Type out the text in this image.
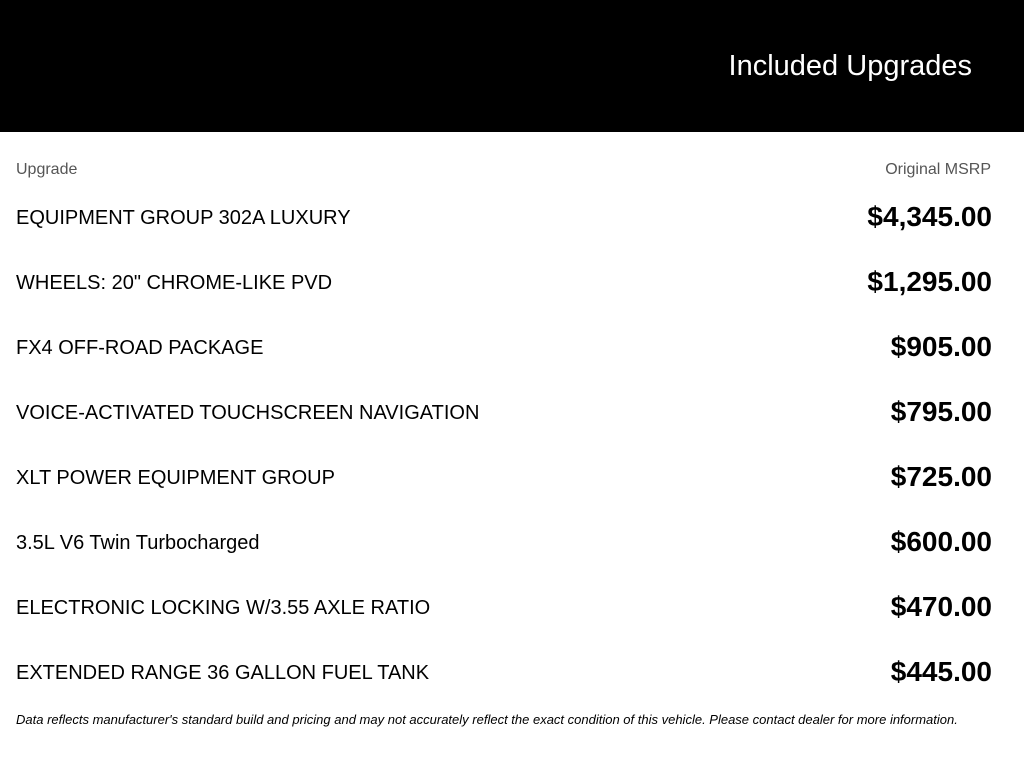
Included Upgrades
Upgrade	Original MSRP
EQUIPMENT GROUP 302A LUXURY	$4,345.00
WHEELS: 20" CHROME-LIKE PVD	$1,295.00
FX4 OFF-ROAD PACKAGE	$905.00
VOICE-ACTIVATED TOUCHSCREEN NAVIGATION	$795.00
XLT POWER EQUIPMENT GROUP	$725.00
3.5L V6 Twin Turbocharged	$600.00
ELECTRONIC LOCKING W/3.55 AXLE RATIO	$470.00
EXTENDED RANGE 36 GALLON FUEL TANK	$445.00
Data reflects manufacturer's standard build and pricing and may not accurately reflect the exact condition of this vehicle. Please contact dealer for more information.
